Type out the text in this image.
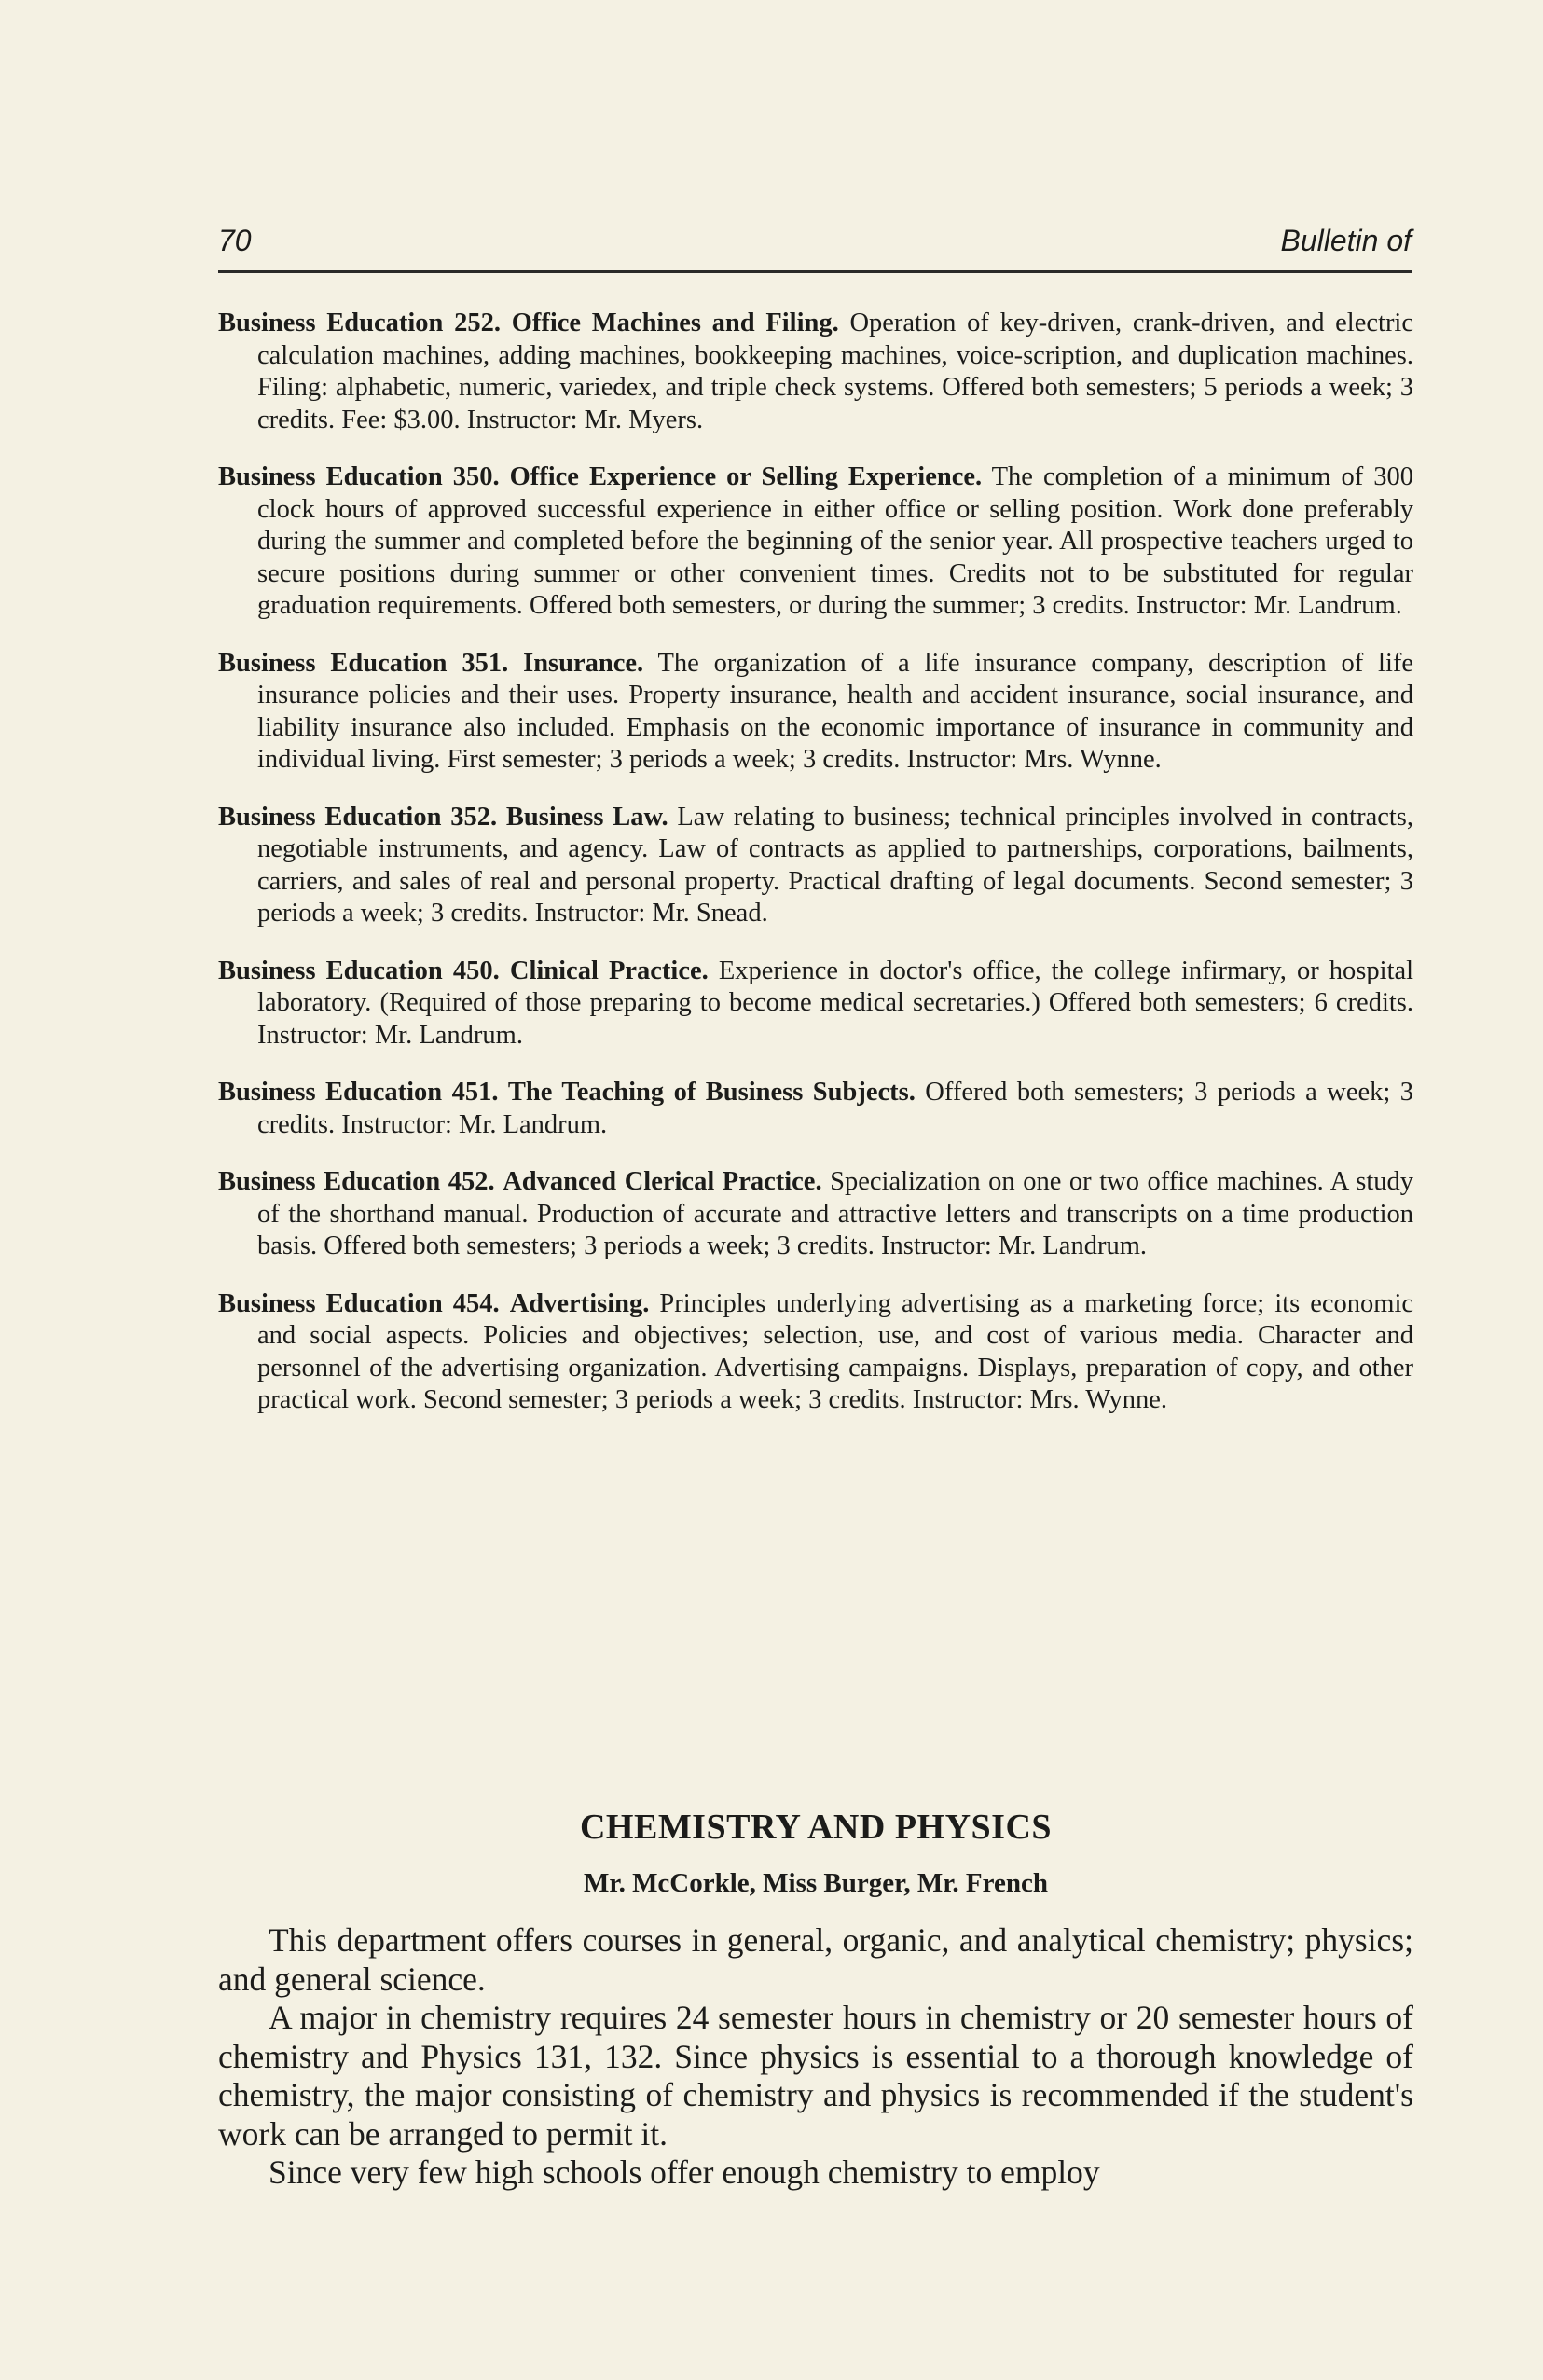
70	Bulletin of

Business Education 252. Office Machines and Filing. Operation of key-driven, crank-driven, and electric calculation machines, adding machines, bookkeeping machines, voice-scription, and duplication machines. Filing: alphabetic, numeric, variedex, and triple check systems. Offered both semesters; 5 periods a week; 3 credits. Fee: $3.00. Instructor: Mr. Myers.

Business Education 350. Office Experience or Selling Experience. The completion of a minimum of 300 clock hours of approved successful experience in either office or selling position. Work done preferably during the summer and completed before the beginning of the senior year. All prospective teachers urged to secure positions during summer or other convenient times. Credits not to be substituted for regular graduation requirements. Offered both semesters, or during the summer; 3 credits. Instructor: Mr. Landrum.

Business Education 351. Insurance. The organization of a life insurance company, description of life insurance policies and their uses. Property insurance, health and accident insurance, social insurance, and liability insurance also included. Emphasis on the economic importance of insurance in community and individual living. First semester; 3 periods a week; 3 credits. Instructor: Mrs. Wynne.

Business Education 352. Business Law. Law relating to business; technical principles involved in contracts, negotiable instruments, and agency. Law of contracts as applied to partnerships, corporations, bailments, carriers, and sales of real and personal property. Practical drafting of legal documents. Second semester; 3 periods a week; 3 credits. Instructor: Mr. Snead.

Business Education 450. Clinical Practice. Experience in doctor's office, the college infirmary, or hospital laboratory. (Required of those preparing to become medical secretaries.) Offered both semesters; 6 credits. Instructor: Mr. Landrum.

Business Education 451. The Teaching of Business Subjects. Offered both semesters; 3 periods a week; 3 credits. Instructor: Mr. Landrum.

Business Education 452. Advanced Clerical Practice. Specialization on one or two office machines. A study of the shorthand manual. Production of accurate and attractive letters and transcripts on a time production basis. Offered both semesters; 3 periods a week; 3 credits. Instructor: Mr. Landrum.

Business Education 454. Advertising. Principles underlying advertising as a marketing force; its economic and social aspects. Policies and objectives; selection, use, and cost of various media. Character and personnel of the advertising organization. Advertising campaigns. Displays, preparation of copy, and other practical work. Second semester; 3 periods a week; 3 credits. Instructor: Mrs. Wynne.

CHEMISTRY AND PHYSICS

Mr. McCorkle, Miss Burger, Mr. French

This department offers courses in general, organic, and analytical chemistry; physics; and general science.

A major in chemistry requires 24 semester hours in chemistry or 20 semester hours of chemistry and Physics 131, 132. Since physics is essential to a thorough knowledge of chemistry, the major consisting of chemistry and physics is recommended if the student's work can be arranged to permit it.

Since very few high schools offer enough chemistry to employ
